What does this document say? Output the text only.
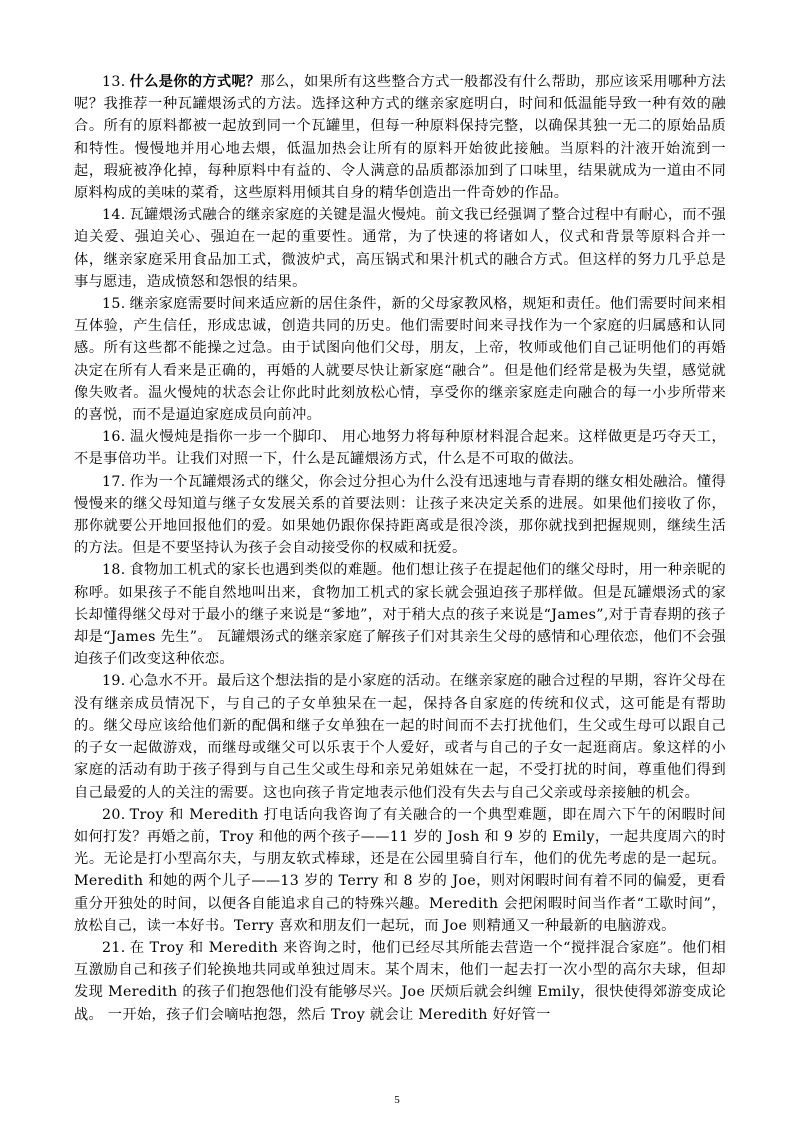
13. 什么是你的方式呢？那么，如果所有这些整合方式一般都没有什么帮助，那应该采用哪种方法呢？我推荐一种瓦罐煨汤式的方法。选择这种方式的继亲家庭明白，时间和低温能导致一种有效的融合。所有的原料都被一起放到同一个瓦罐里，但每一种原料保持完整，以确保其独一无二的原始品质和特性。慢慢地并用心地去煨，低温加热会让所有的原料开始彼此接触。当原料的汁液开始流到一起，瑕疵被净化掉，每种原料中有益的、令人满意的品质都添加到了口味里，结果就成为一道由不同原料构成的美味的菜肴，这些原料用倾其自身的精华创造出一件奇妙的作品。

14. 瓦罐煨汤式融合的继亲家庭的关键是温火慢炖。前文我已经强调了整合过程中有耐心，而不强迫关爱、强迫关心、强迫在一起的重要性。通常，为了快速的将诸如人，仪式和背景等原料合并一体，继亲家庭采用食品加工式，微波炉式，高压锅式和果汁机式的融合方式。但这样的努力几乎总是事与愿违，造成愤怒和怨恨的结果。

15. 继亲家庭需要时间来适应新的居住条件，新的父母家教风格，规矩和责任。他们需要时间来相互体验，产生信任，形成忠诚，创造共同的历史。他们需要时间来寻找作为一个家庭的归属感和认同感。所有这些都不能操之过急。由于试图向他们父母，朋友，上帝，牧师或他们自己证明他们的再婚决定在所有人看来是正确的，再婚的人就要尽快让新家庭“融合”。但是他们经常是极为失望，感觉就像失败者。温火慢炖的状态会让你此时此刻放松心情，享受你的继亲家庭走向融合的每一小步所带来的喜悦，而不是逼迫家庭成员向前冲。

16. 温火慢炖是指你一步一个脚印、 用心地努力将每种原材料混合起来。这样做更是巧夺天工，不是事倍功半。让我们对照一下，什么是瓦罐煨汤方式，什么是不可取的做法。

17. 作为一个瓦罐煨汤式的继父，你会过分担心为什么没有迅速地与青春期的继女相处融洽。懂得慢慢来的继父母知道与继子女发展关系的首要法则：让孩子来决定关系的进展。如果他们接收了你，那你就要公开地回报他们的爱。如果她仍跟你保持距离或是很冷淡，那你就找到把握规则，继续生活的方法。但是不要坚持认为孩子会自动接受你的权威和抚爱。

18. 食物加工机式的家长也遇到类似的难题。他们想让孩子在提起他们的继父母时，用一种亲昵的称呼。如果孩子不能自然地叫出来，食物加工机式的家长就会强迫孩子那样做。但是瓦罐煨汤式的家长却懂得继父母对于最小的继子来说是“爹地”，对于稍大点的孩子来说是“James”,对于青春期的孩子却是“James 先生”。 瓦罐煨汤式的继亲家庭了解孩子们对其亲生父母的感情和心理依恋，他们不会强迫孩子们改变这种依恋。

19. 心急水不开。最后这个想法指的是小家庭的活动。在继亲家庭的融合过程的早期，容许父母在没有继亲成员情况下，与自己的子女单独呆在一起，保持各自家庭的传统和仪式，这可能是有帮助的。继父母应该给他们新的配偶和继子女单独在一起的时间而不去打扰他们，生父或生母可以跟自己的子女一起做游戏，而继母或继父可以乐衷于个人爱好，或者与自己的子女一起逛商店。象这样的小家庭的活动有助于孩子得到与自己生父或生母和亲兄弟姐妹在一起，不受打扰的时间，尊重他们得到自己最爱的人的关注的需要。这也向孩子肯定地表示他们没有失去与自己父亲或母亲接触的机会。

20. Troy 和 Meredith 打电话向我咨询了有关融合的一个典型难题，即在周六下午的闲暇时间如何打发？再婚之前，Troy 和他的两个孩子——11 岁的 Josh 和 9 岁的 Emily，一起共度周六的时光。无论是打小型高尔夫，与朋友软式棒球，还是在公园里骑自行车，他们的优先考虑的是一起玩。Meredith 和她的两个儿子——13 岁的 Terry 和 8 岁的 Joe，则对闲暇时间有着不同的偏爱，更看重分开独处的时间，以便各自能追求自己的特殊兴趣。Meredith 会把闲暇时间当作者“工歇时间”，放松自己，读一本好书。Terry 喜欢和朋友们一起玩，而 Joe 则精通又一种最新的电脑游戏。

21. 在 Troy 和 Meredith 来咨询之时，他们已经尽其所能去营造一个“搅拌混合家庭”。他们相互激励自己和孩子们轮换地共同或单独过周末。某个周末，他们一起去打一次小型的高尔夫球，但却发现 Meredith 的孩子们抱怨他们没有能够尽兴。Joe 厌烦后就会纠缠 Emily，很快使得郊游变成论战。 一开始，孩子们会嘀咕抱怨，然后 Troy 就会让 Meredith 好好管一

5
